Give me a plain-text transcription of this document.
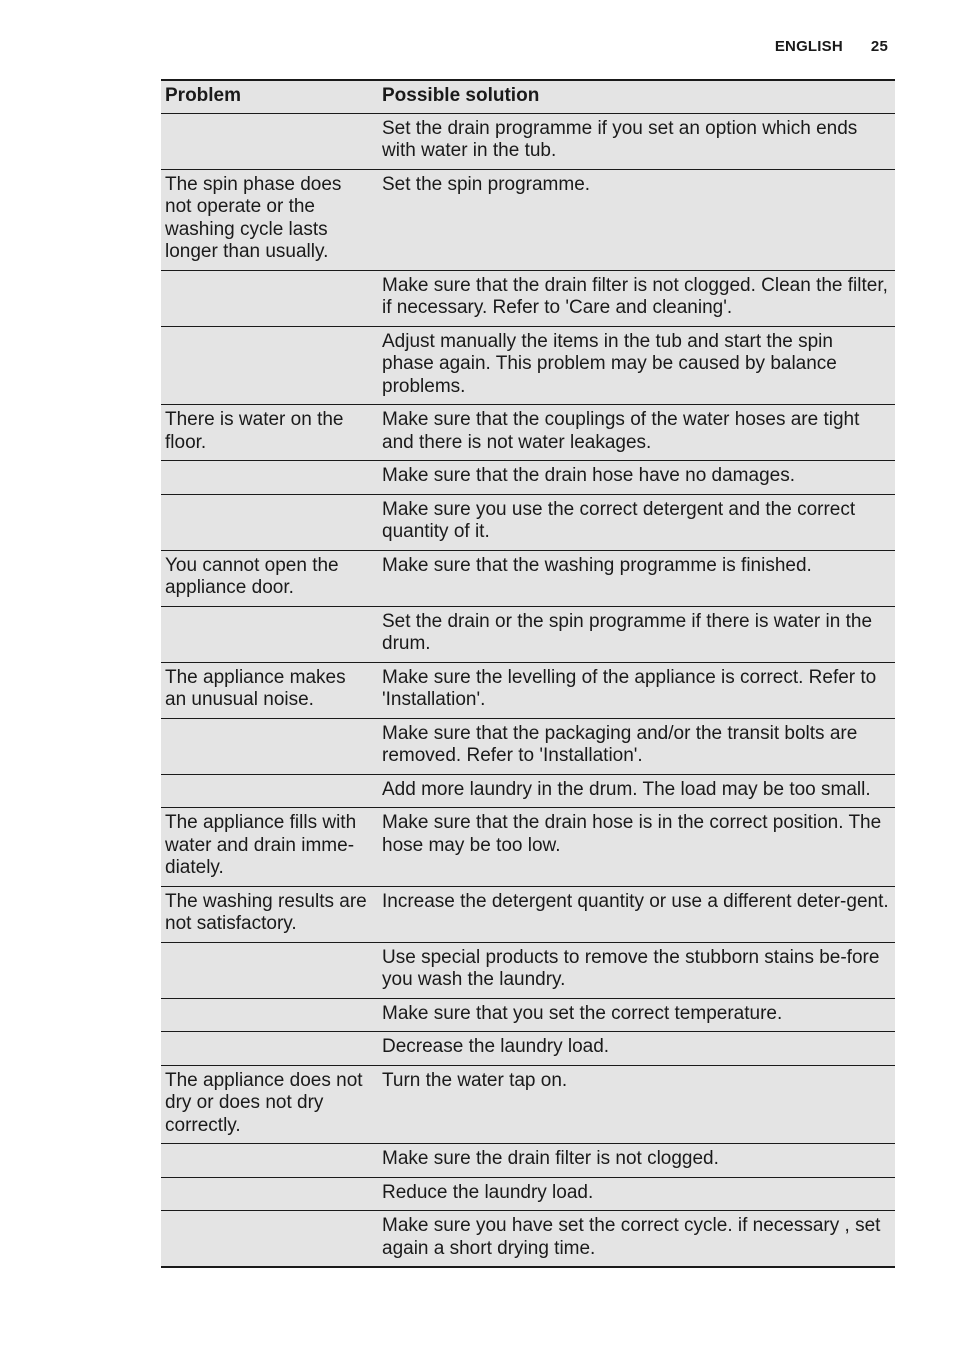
ENGLISH 25
Problem	Possible solution
	Set the drain programme if you set an option which ends with water in the tub.
The spin phase does not operate or the washing cycle lasts longer than usually.	Set the spin programme.
	Make sure that the drain filter is not clogged. Clean the filter, if necessary. Refer to 'Care and cleaning'.
	Adjust manually the items in the tub and start the spin phase again. This problem may be caused by balance problems.
There is water on the floor.	Make sure that the couplings of the water hoses are tight and there is not water leakages.
	Make sure that the drain hose have no damages.
	Make sure you use the correct detergent and the correct quantity of it.
You cannot open the appliance door.	Make sure that the washing programme is finished.
	Set the drain or the spin programme if there is water in the drum.
The appliance makes an unusual noise.	Make sure the levelling of the appliance is correct. Refer to 'Installation'.
	Make sure that the packaging and/or the transit bolts are removed. Refer to 'Installation'.
	Add more laundry in the drum. The load may be too small.
The appliance fills with water and drain imme-diately.	Make sure that the drain hose is in the correct position. The hose may be too low.
The washing results are not satisfactory.	Increase the detergent quantity or use a different deter-gent.
	Use special products to remove the stubborn stains be-fore you wash the laundry.
	Make sure that you set the correct temperature.
	Decrease the laundry load.
The appliance does not dry or does not dry correctly.	Turn the water tap on.
	Make sure the drain filter is not clogged.
	Reduce the laundry load.
	Make sure you have set the correct cycle. if necessary , set again a short drying time.
